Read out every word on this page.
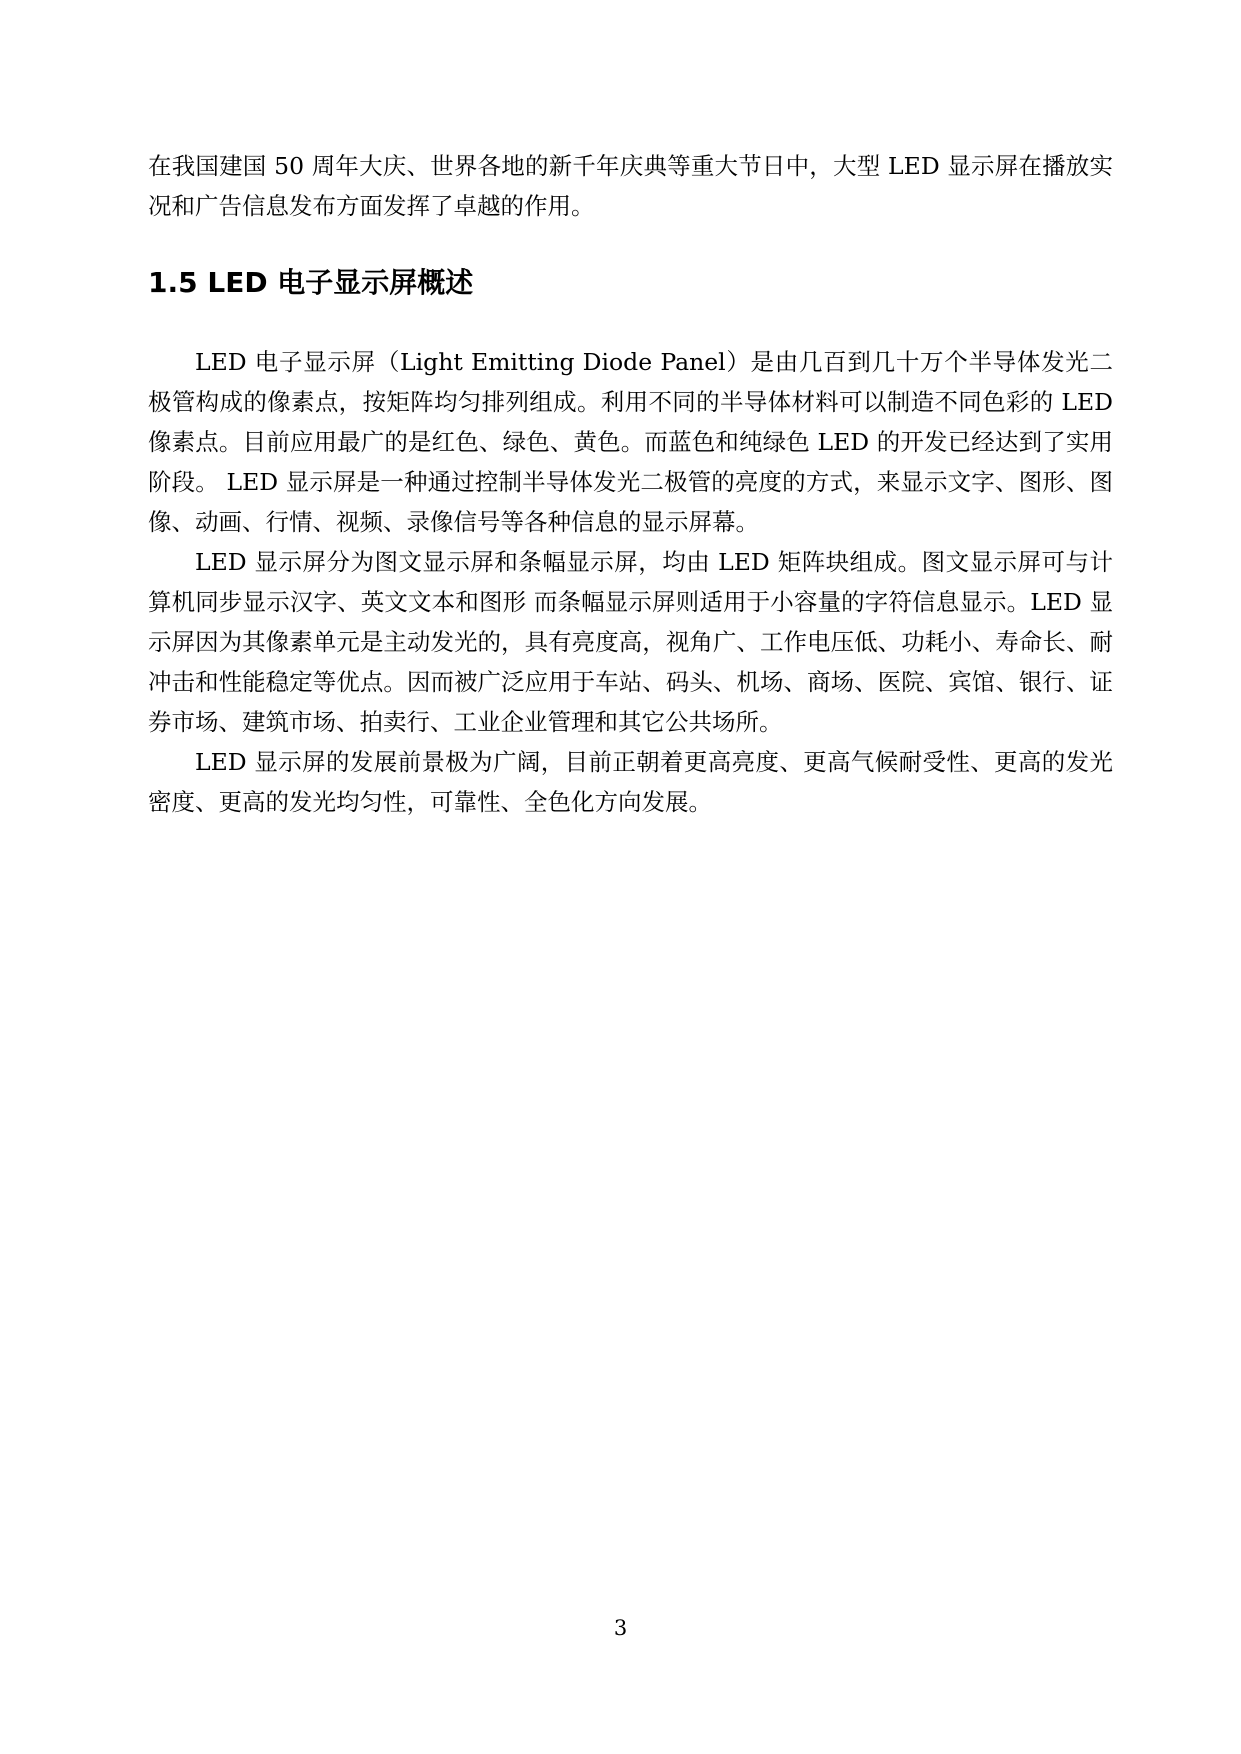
在我国建国 50 周年大庆、世界各地的新千年庆典等重大节日中，大型 LED 显示屏在播放实况和广告信息发布方面发挥了卓越的作用。

1.5 LED 电子显示屏概述

LED 电子显示屏（Light Emitting Diode Panel）是由几百到几十万个半导体发光二极管构成的像素点，按矩阵均匀排列组成。利用不同的半导体材料可以制造不同色彩的 LED 像素点。目前应用最广的是红色、绿色、黄色。而蓝色和纯绿色 LED 的开发已经达到了实用阶段。 LED 显示屏是一种通过控制半导体发光二极管的亮度的方式，来显示文字、图形、图像、动画、行情、视频、录像信号等各种信息的显示屏幕。

LED 显示屏分为图文显示屏和条幅显示屏，均由 LED 矩阵块组成。图文显示屏可与计算机同步显示汉字、英文文本和图形 而条幅显示屏则适用于小容量的字符信息显示。LED 显示屏因为其像素单元是主动发光的，具有亮度高，视角广、工作电压低、功耗小、寿命长、耐冲击和性能稳定等优点。因而被广泛应用于车站、码头、机场、商场、医院、宾馆、银行、证券市场、建筑市场、拍卖行、工业企业管理和其它公共场所。

LED 显示屏的发展前景极为广阔，目前正朝着更高亮度、更高气候耐受性、更高的发光密度、更高的发光均匀性，可靠性、全色化方向发展。

3
